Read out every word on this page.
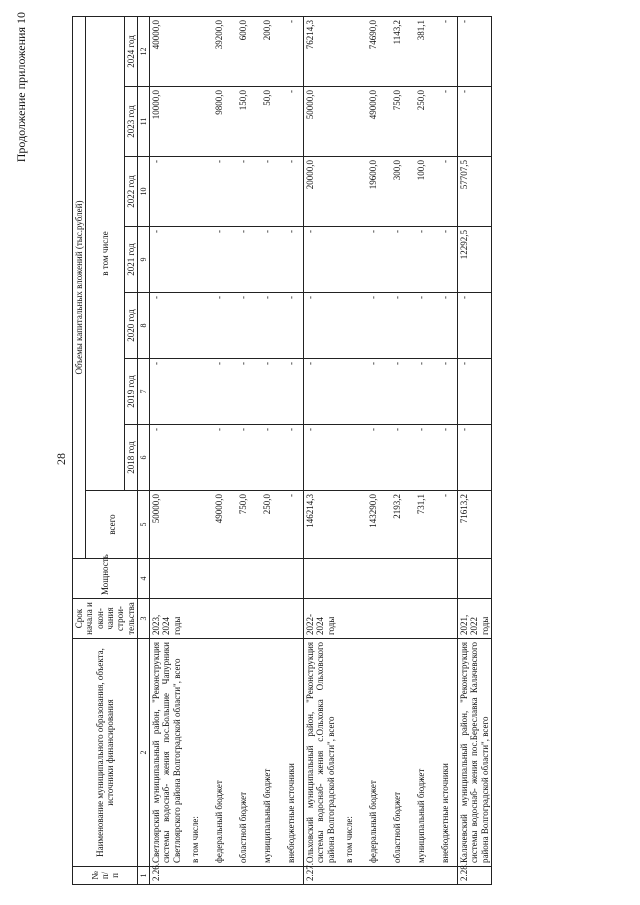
28
Продолжение приложения 10
№ п/п	Наименование муниципального образования, объекта, источники финансирования	Срок начала и окон- чания строи- тельства	Мощность	Объемы капитальных вложений (тыс.рублей)							
				всего	в том числе						
					2018 год	2019 год	2020 год	2021 год	2022 год	2023 год	2024 год
1	2	3	4	5	6	7	8	9	10	11	12
2.26.	Светлоярский муниципальный район, "Реконструкция системы водоснаб- жения пос.Большие Чапурники Светлоярского района Волгоградской области", всего	2023, 2024 годы		50000,0	-	-	-	-	-	10000,0	40000,0
	в том числе:										
	федеральный бюджет			49000,0	-	-	-	-	-	9800,0	39200,0
	областной бюджет			750,0	-	-	-	-	-	150,0	600,0
	муниципальный бюджет			250,0	-	-	-	-	-	50,0	200,0
	внебюджетные источники			-	-	-	-	-	-	-	-
2.27.	Ольховский муниципальный район, "Реконструкция системы водоснаб- жения с.Ольховка Ольховского района Волгоградской области", всего	2022- 2024 годы		146214,3	-	-	-	-	20000,0	50000,0	76214,3
	в том числе:										
	федеральный бюджет			143290,0	-	-	-	-	19600,0	49000,0	74690,0
	областной бюджет			2193,2	-	-	-	-	300,0	750,0	1143,2
	муниципальный бюджет			731,1	-	-	-	-	100,0	250,0	381,1
	внебюджетные источники			-	-	-	-	-	-	-	-
2.28.	Калачевский муниципальный район, "Реконструкция системы водоснаб- жения пос.Береславка Калачевского района Волгоградской области", всего	2021, 2022 годы		71613,2	-	-	-	12292,5	57707,5	-	-
